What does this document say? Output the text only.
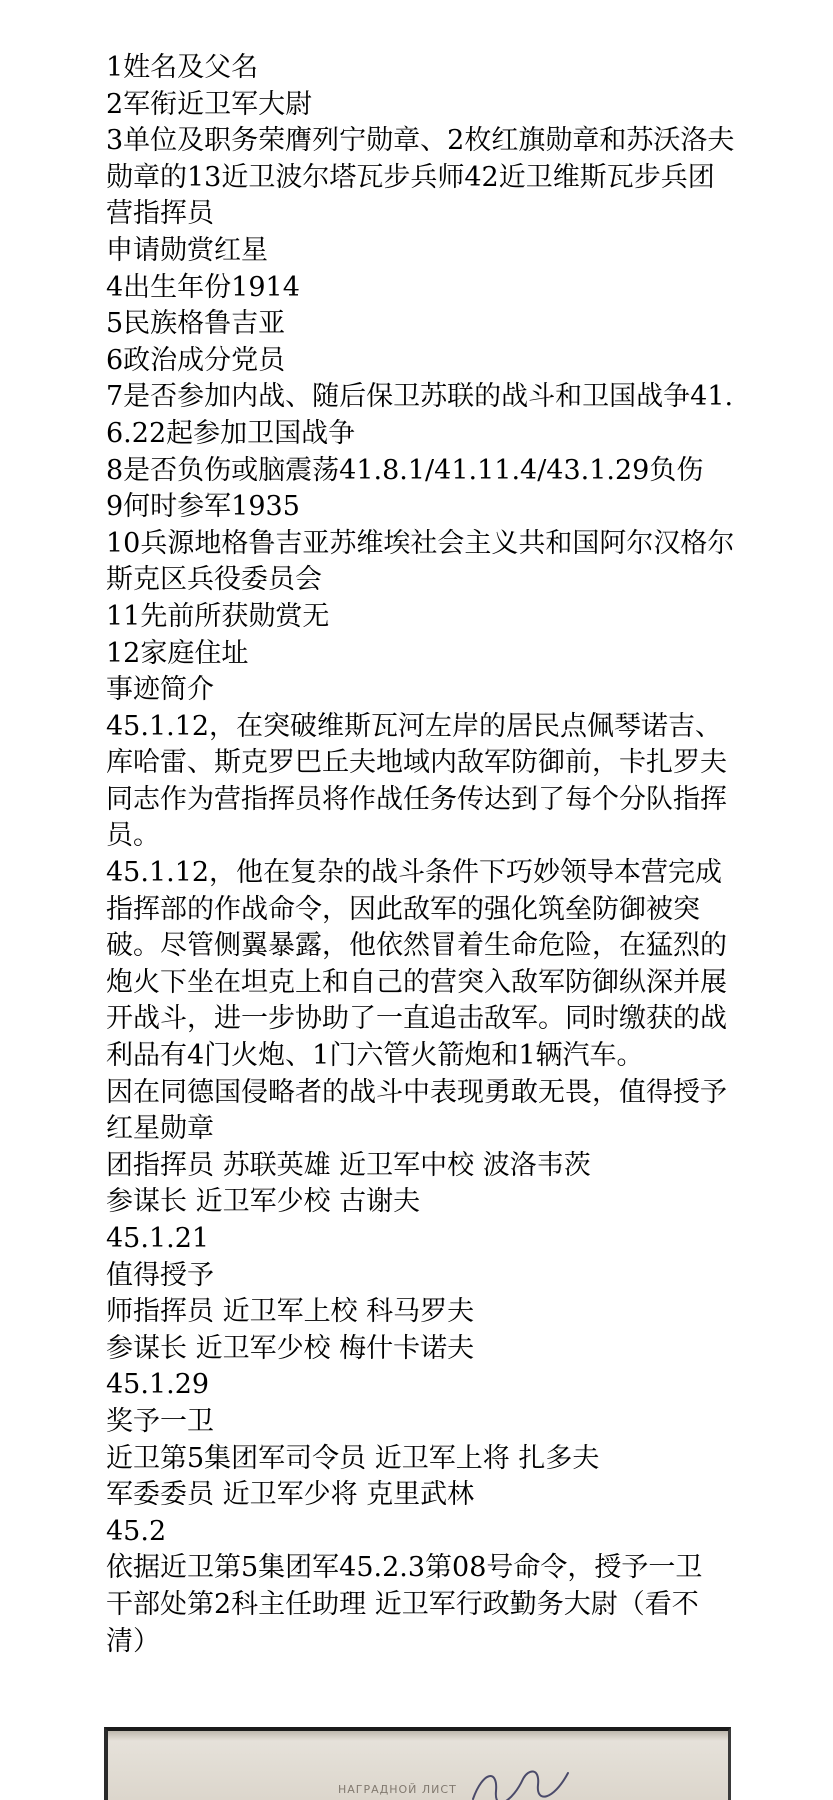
1姓名及父名

2军衔近卫军大尉

3单位及职务荣膺列宁勋章、2枚红旗勋章和苏沃洛夫勋章的13近卫波尔塔瓦步兵师42近卫维斯瓦步兵团营指挥员

申请勋赏红星

4出生年份1914

5民族格鲁吉亚

6政治成分党员

7是否参加内战、随后保卫苏联的战斗和卫国战争41.6.22起参加卫国战争

8是否负伤或脑震荡41.8.1/41.11.4/43.1.29负伤

9何时参军1935

10兵源地格鲁吉亚苏维埃社会主义共和国阿尔汉格尔斯克区兵役委员会

11先前所获勋赏无

12家庭住址

事迹简介

45.1.12，在突破维斯瓦河左岸的居民点佩琴诺吉、库哈雷、斯克罗巴丘夫地域内敌军防御前，卡扎罗夫同志作为营指挥员将作战任务传达到了每个分队指挥员。

45.1.12，他在复杂的战斗条件下巧妙领导本营完成指挥部的作战命令，因此敌军的强化筑垒防御被突破。尽管侧翼暴露，他依然冒着生命危险，在猛烈的炮火下坐在坦克上和自己的营突入敌军防御纵深并展开战斗，进一步协助了一直追击敌军。同时缴获的战利品有4门火炮、1门六管火箭炮和1辆汽车。

因在同德国侵略者的战斗中表现勇敢无畏，值得授予红星勋章

团指挥员 苏联英雄 近卫军中校 波洛韦茨

参谋长 近卫军少校 古谢夫

45.1.21

值得授予

师指挥员 近卫军上校 科马罗夫

参谋长 近卫军少校 梅什卡诺夫

45.1.29

奖予一卫

近卫第5集团军司令员 近卫军上将 扎多夫

军委委员 近卫军少将 克里武林

45.2

依据近卫第5集团军45.2.3第08号命令，授予一卫

干部处第2科主任助理 近卫军行政勤务大尉（看不清）

НАГРАДНОЙ ЛИСТ
